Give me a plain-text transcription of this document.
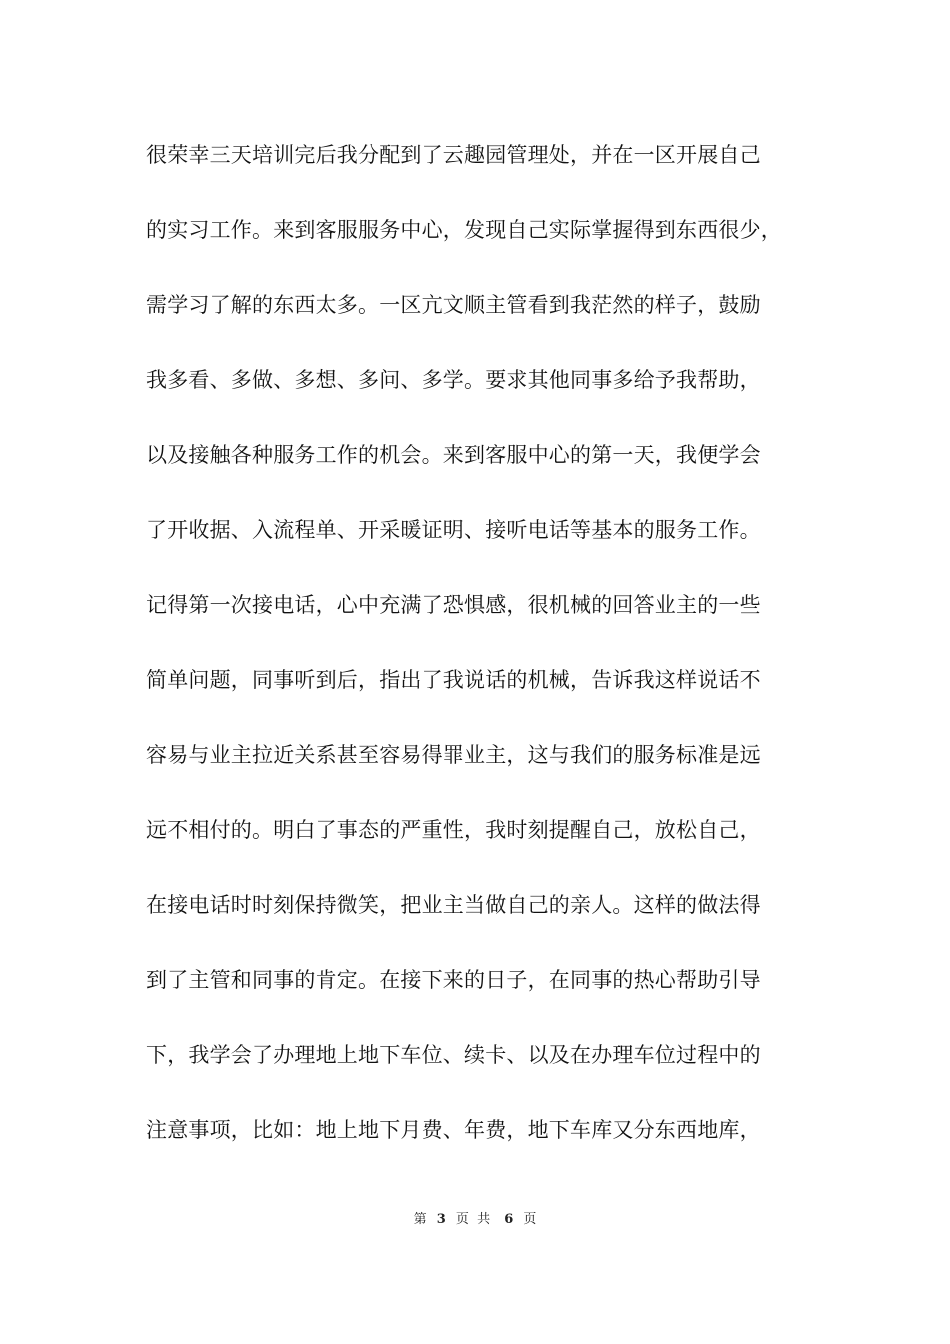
很荣幸三天培训完后我分配到了云趣园管理处，并在一区开展自己
的实习工作。来到客服服务中心，发现自己实际掌握得到东西很少，
需学习了解的东西太多。一区亢文顺主管看到我茫然的样子，鼓励
我多看、多做、多想、多问、多学。要求其他同事多给予我帮助，
以及接触各种服务工作的机会。来到客服中心的第一天，我便学会
了开收据、入流程单、开采暖证明、接听电话等基本的服务工作。
记得第一次接电话，心中充满了恐惧感，很机械的回答业主的一些
简单问题，同事听到后，指出了我说话的机械，告诉我这样说话不
容易与业主拉近关系甚至容易得罪业主，这与我们的服务标准是远
远不相付的。明白了事态的严重性，我时刻提醒自己，放松自己，
在接电话时时刻保持微笑，把业主当做自己的亲人。这样的做法得
到了主管和同事的肯定。在接下来的日子，在同事的热心帮助引导
下，我学会了办理地上地下车位、续卡、以及在办理车位过程中的
注意事项，比如：地上地下月费、年费，地下车库又分东西地库，
第 3 页 共 6 页
